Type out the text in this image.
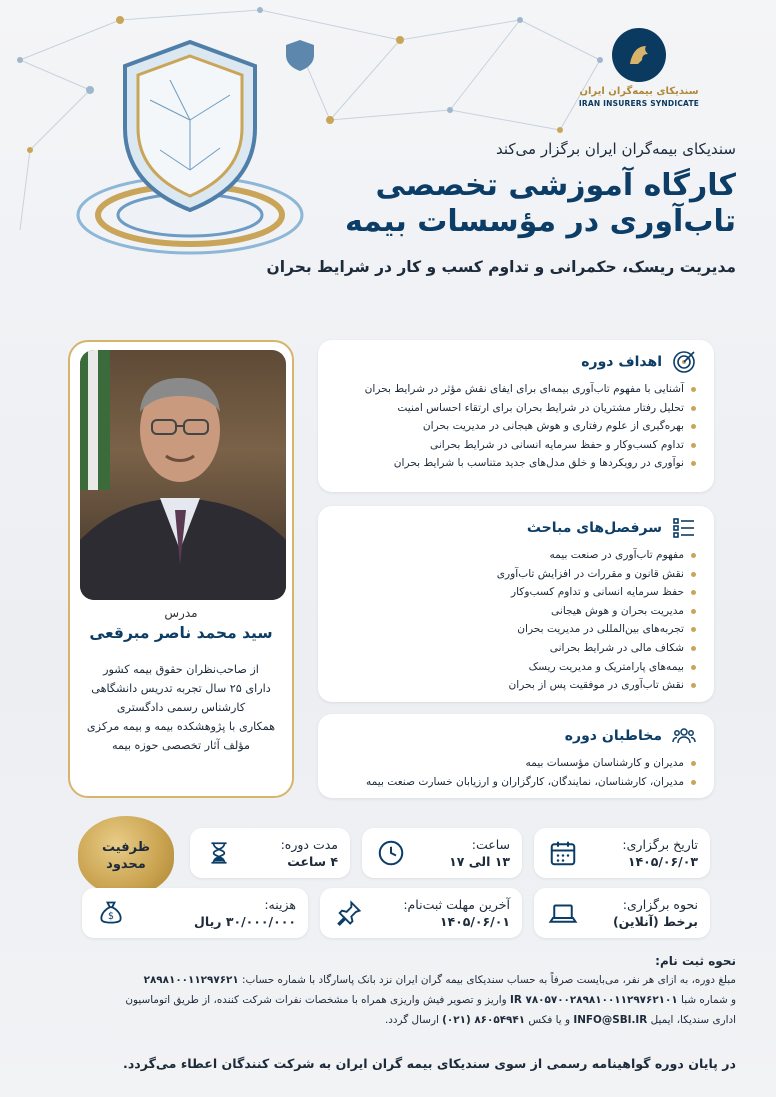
سندیکای بیمه‌گران ایران
IRAN INSURERS SYNDICATE
سندیکای بیمه‌گران ایران برگزار می‌کند
کارگاه آموزشی تخصصی
تاب‌آوری در مؤسسات بیمه
مدیریت ریسک، حکمرانی و تداوم کسب و کار در شرایط بحران
مدرس
سید محمد ناصر مبرقعی
از صاحب‌نظران حقوق بیمه کشور
دارای ۲۵ سال تجربه تدریس دانشگاهی
کارشناس رسمی دادگستری
همکاری با پژوهشکده بیمه و بیمه مرکزی
مؤلف آثار تخصصی حوزه بیمه
اهداف دوره
آشنایی با مفهوم تاب‌آوری بیمه‌ای برای ایفای نقش مؤثر در شرایط بحران
تحلیل رفتار مشتریان در شرایط بحران برای ارتقاء احساس امنیت
بهره‌گیری از علوم رفتاری و هوش هیجانی در مدیریت بحران
تداوم کسب‌وکار و حفظ سرمایه انسانی در شرایط بحرانی
نوآوری در رویکردها و خلق مدل‌های جدید متناسب با شرایط بحران
سرفصل‌های مباحث
مفهوم تاب‌آوری در صنعت بیمه
نقش قانون و مقررات در افزایش تاب‌آوری
حفظ سرمایه انسانی و تداوم کسب‌وکار
مدیریت بحران و هوش هیجانی
تجربه‌های بین‌المللی در مدیریت بحران
شکاف مالی در شرایط بحرانی
بیمه‌های پارامتریک و مدیریت ریسک
نقش تاب‌آوری در موفقیت پس از بحران
مخاطبان دوره
مدیران و کارشناسان مؤسسات بیمه
مدیران، کارشناسان، نمایندگان، کارگزاران و ارزیابان خسارت صنعت بیمه
ظرفیت
محدود
تاریخ برگزاری:
۱۴۰۵/۰۶/۰۳
ساعت:
۱۳ الی ۱۷
مدت دوره:
۴ ساعت
نحوه برگزاری:
برخط (آنلاین)
آخرین مهلت ثبت‌نام:
۱۴۰۵/۰۶/۰۱
هزینه:
۳۰/۰۰۰/۰۰۰ ریال
$
نحوه ثبت نام:
مبلغ دوره، به ازای هر نفر، می‌بایست صرفاً به حساب سندیکای بیمه گران ایران نزد بانک پاسارگاد با شماره حساب: ۲۸۹۸۱۰۰۱۱۲۹۷۶۲۱
و شماره شبا IR ۷۸۰۵۷۰۰۲۸۹۸۱۰۰۱۱۲۹۷۶۲۱۰۱ واریز و تصویر فیش واریزی همراه با مشخصات نفرات شرکت کننده، از طریق اتوماسیون
اداری سندیکا، ایمیل INFO@SBI.IR و یا فکس ۸۶۰۵۴۹۴۱ (۰۲۱) ارسال گردد.
در پایان دوره گواهینامه رسمی از سوی سندیکای بیمه گران ایران به شرکت کنندگان اعطاء می‌گردد.
